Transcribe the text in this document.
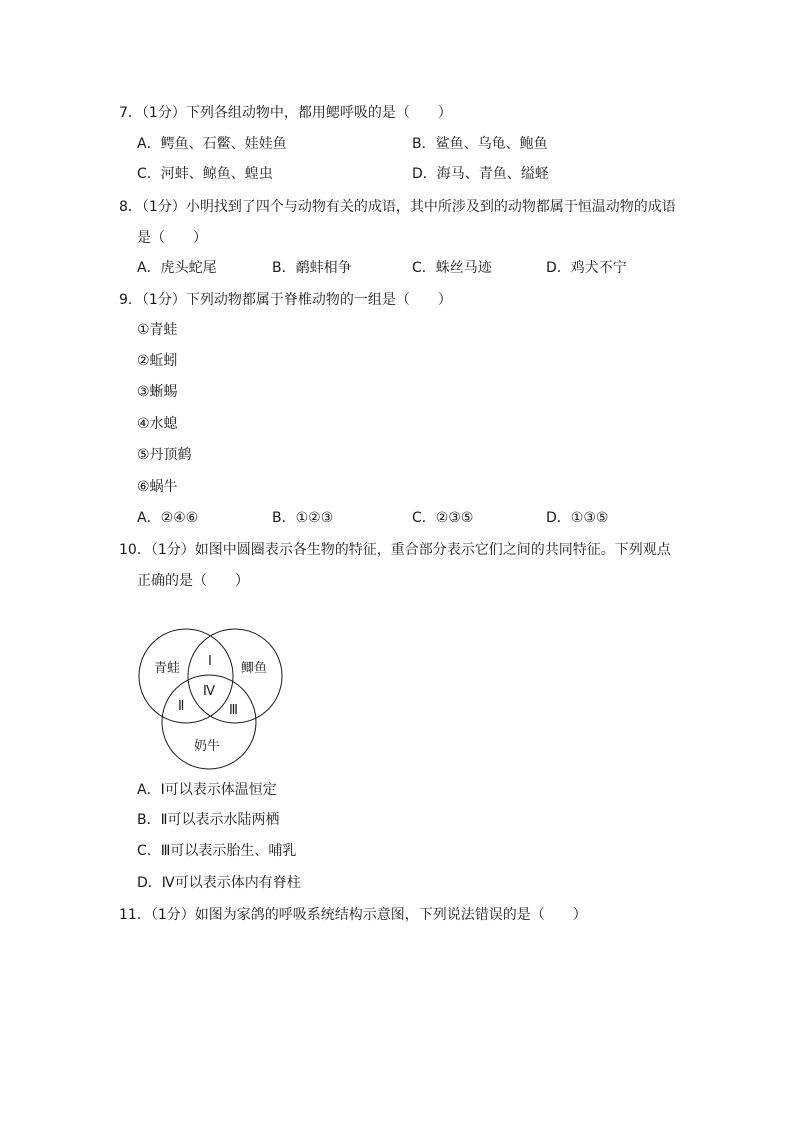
7．（1分）下列各组动物中，都用鳃呼吸的是（　　）
A．鳄鱼、石鳖、娃娃鱼	B．鲨鱼、乌龟、鲍鱼
C．河蚌、鲸鱼、蝗虫	D．海马、青鱼、缢蛏
8．（1分）小明找到了四个与动物有关的成语，其中所涉及到的动物都属于恒温动物的成语
是（　　）
A．虎头蛇尾	B．鹬蚌相争	C．蛛丝马迹	D．鸡犬不宁
9．（1分）下列动物都属于脊椎动物的一组是（　　）
①青蛙
②蚯蚓
③蜥蜴
④水螅
⑤丹顶鹤
⑥蜗牛
A．②④⑥	B．①②③	C．②③⑤	D．①③⑤
10．（1分）如图中圆圈表示各生物的特征，重合部分表示它们之间的共同特征。下列观点
正确的是（　　）
青蛙	鲫鱼
奶牛
Ⅰ
Ⅱ	Ⅲ
Ⅳ
A．Ⅰ可以表示体温恒定
B．Ⅱ可以表示水陆两栖
C．Ⅲ可以表示胎生、哺乳
D．Ⅳ可以表示体内有脊柱
11．（1分）如图为家鸽的呼吸系统结构示意图，下列说法错误的是（　　）
